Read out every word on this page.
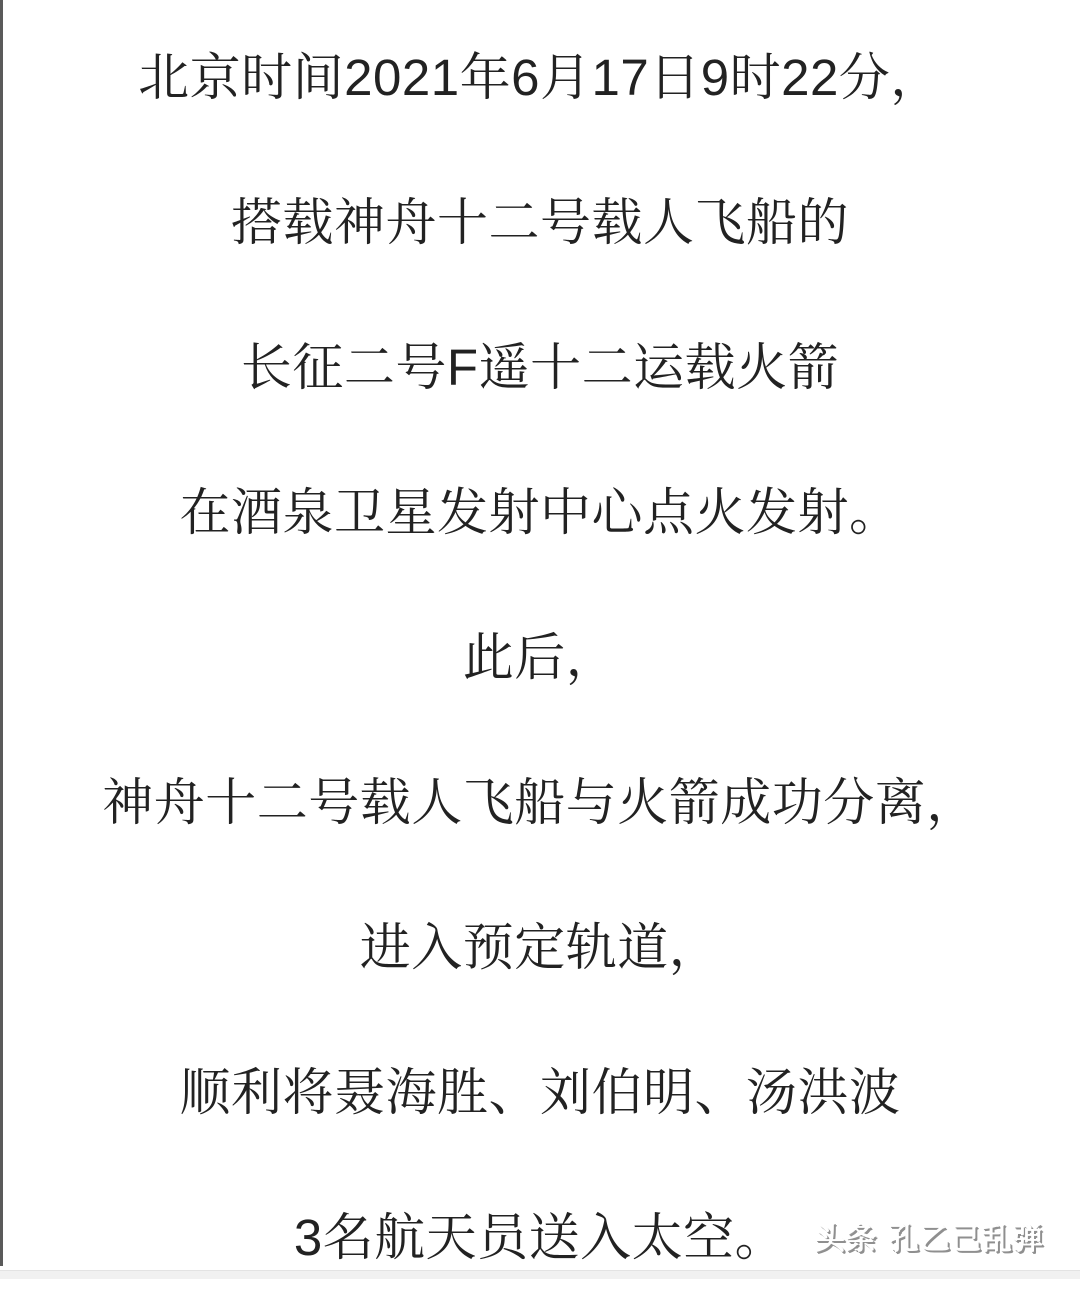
北京时间2021年6月17日9时22分，
搭载神舟十二号载人飞船的
长征二号F遥十二运载火箭
在酒泉卫星发射中心点火发射。
此后，
神舟十二号载人飞船与火箭成功分离，
进入预定轨道，
顺利将聂海胜、刘伯明、汤洪波
3名航天员送入太空。 头条 孔乙己乱弹
